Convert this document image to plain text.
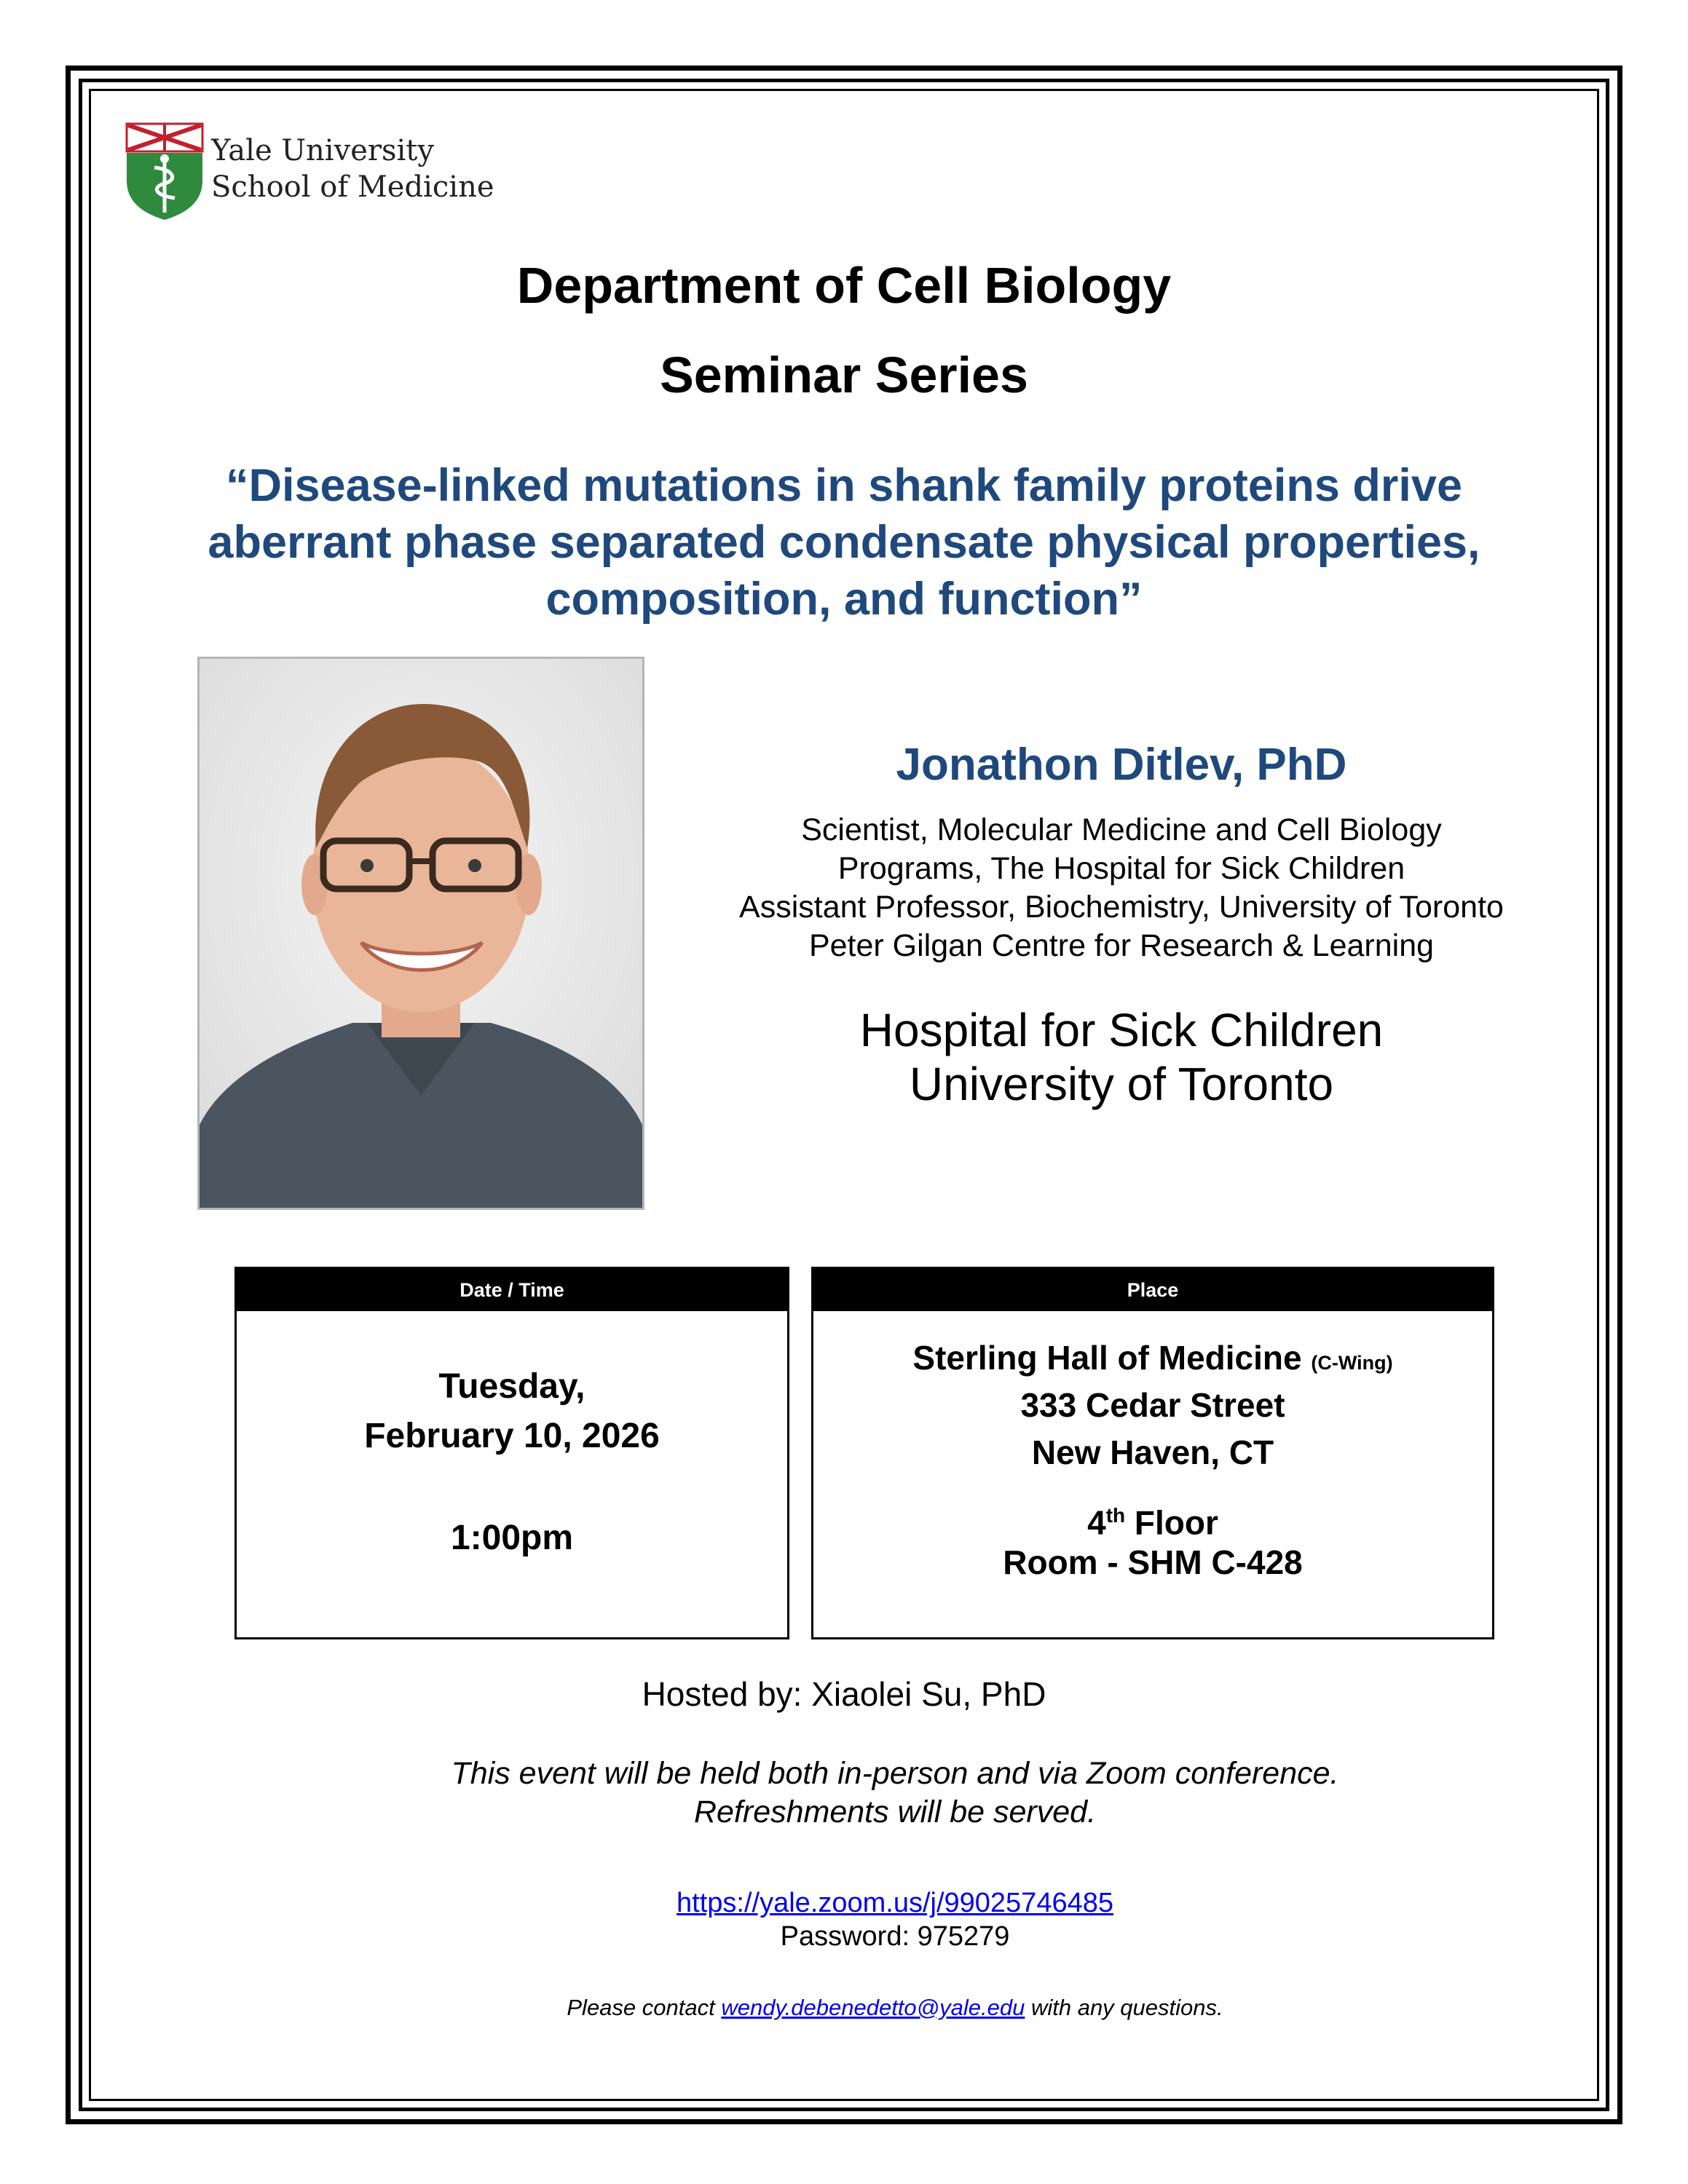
Yale University
School of Medicine
Department of Cell Biology
Seminar Series
“Disease-linked mutations in shank family proteins drive aberrant phase separated condensate physical properties, composition, and function”
Jonathon Ditlev, PhD
Scientist, Molecular Medicine and Cell Biology
Programs, The Hospital for Sick Children
Assistant Professor, Biochemistry, University of Toronto
Peter Gilgan Centre for Research & Learning
Hospital for Sick Children
University of Toronto
Date / Time
Tuesday,
February 10, 2026
1:00pm
Place
Sterling Hall of Medicine (C-Wing)
333 Cedar Street
New Haven, CT
4th Floor
Room - SHM C-428
Hosted by: Xiaolei Su, PhD
This event will be held both in-person and via Zoom conference.
Refreshments will be served.
https://yale.zoom.us/j/99025746485
Password: 975279
Please contact wendy.debenedetto@yale.edu with any questions.
